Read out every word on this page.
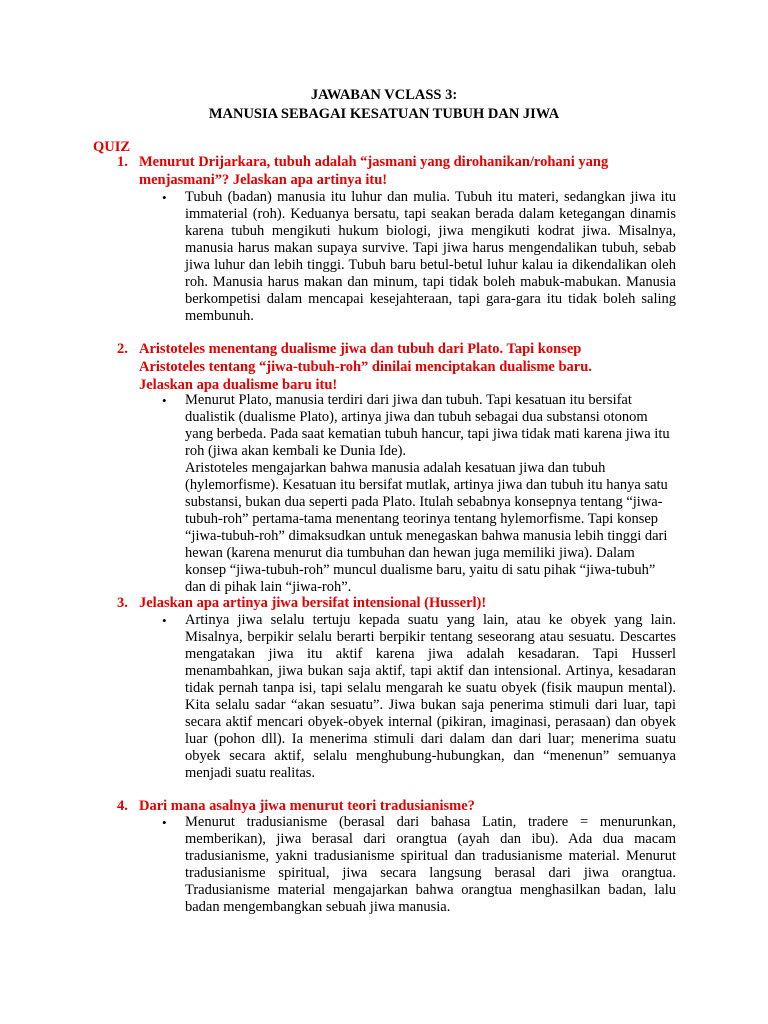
JAWABAN VCLASS 3:
MANUSIA SEBAGAI KESATUAN TUBUH DAN JIWA
QUIZ
1. Menurut Drijarkara, tubuh adalah “jasmani yang dirohanikan/rohani yang menjasmani”? Jelaskan apa artinya itu!
• Tubuh (badan) manusia itu luhur dan mulia. Tubuh itu materi, sedangkan jiwa itu immaterial (roh). Keduanya bersatu, tapi seakan berada dalam ketegangan dinamis karena tubuh mengikuti hukum biologi, jiwa mengikuti kodrat jiwa. Misalnya, manusia harus makan supaya survive. Tapi jiwa harus mengendalikan tubuh, sebab jiwa luhur dan lebih tinggi. Tubuh baru betul-betul luhur kalau ia dikendalikan oleh roh. Manusia harus makan dan minum, tapi tidak boleh mabuk-mabukan. Manusia berkompetisi dalam mencapai kesejahteraan, tapi gara-gara itu tidak boleh saling membunuh.

2. Aristoteles menentang dualisme jiwa dan tubuh dari Plato. Tapi konsep Aristoteles tentang “jiwa-tubuh-roh” dinilai menciptakan dualisme baru. Jelaskan apa dualisme baru itu!
• Menurut Plato, manusia terdiri dari jiwa dan tubuh. Tapi kesatuan itu bersifat dualistik (dualisme Plato), artinya jiwa dan tubuh sebagai dua substansi otonom yang berbeda. Pada saat kematian tubuh hancur, tapi jiwa tidak mati karena jiwa itu roh (jiwa akan kembali ke Dunia Ide).

Aristoteles mengajarkan bahwa manusia adalah kesatuan jiwa dan tubuh (hylemorfisme). Kesatuan itu bersifat mutlak, artinya jiwa dan tubuh itu hanya satu substansi, bukan dua seperti pada Plato. Itulah sebabnya konsepnya tentang “jiwa-tubuh-roh” pertama-tama menentang teorinya tentang hylemorfisme. Tapi konsep “jiwa-tubuh-roh” dimaksudkan untuk menegaskan bahwa manusia lebih tinggi dari hewan (karena menurut dia tumbuhan dan hewan juga memiliki jiwa). Dalam konsep “jiwa-tubuh-roh” muncul dualisme baru, yaitu di satu pihak “jiwa-tubuh” dan di pihak lain “jiwa-roh”.

3. Jelaskan apa artinya jiwa bersifat intensional (Husserl)!
• Artinya jiwa selalu tertuju kepada suatu yang lain, atau ke obyek yang lain. Misalnya, berpikir selalu berarti berpikir tentang seseorang atau sesuatu. Descartes mengatakan jiwa itu aktif karena jiwa adalah kesadaran. Tapi Husserl menambahkan, jiwa bukan saja aktif, tapi aktif dan intensional. Artinya, kesadaran tidak pernah tanpa isi, tapi selalu mengarah ke suatu obyek (fisik maupun mental). Kita selalu sadar “akan sesuatu”. Jiwa bukan saja penerima stimuli dari luar, tapi secara aktif mencari obyek-obyek internal (pikiran, imaginasi, perasaan) dan obyek luar (pohon dll). Ia menerima stimuli dari dalam dan dari luar; menerima suatu obyek secara aktif, selalu menghubung-hubungkan, dan “menenun” semuanya menjadi suatu realitas.

4. Dari mana asalnya jiwa menurut teori tradusianisme?
• Menurut tradusianisme (berasal dari bahasa Latin, tradere = menurunkan, memberikan), jiwa berasal dari orangtua (ayah dan ibu). Ada dua macam tradusianisme, yakni tradusianisme spiritual dan tradusianisme material. Menurut tradusianisme spiritual, jiwa secara langsung berasal dari jiwa orangtua. Tradusianisme material mengajarkan bahwa orangtua menghasilkan badan, lalu badan mengembangkan sebuah jiwa manusia.
